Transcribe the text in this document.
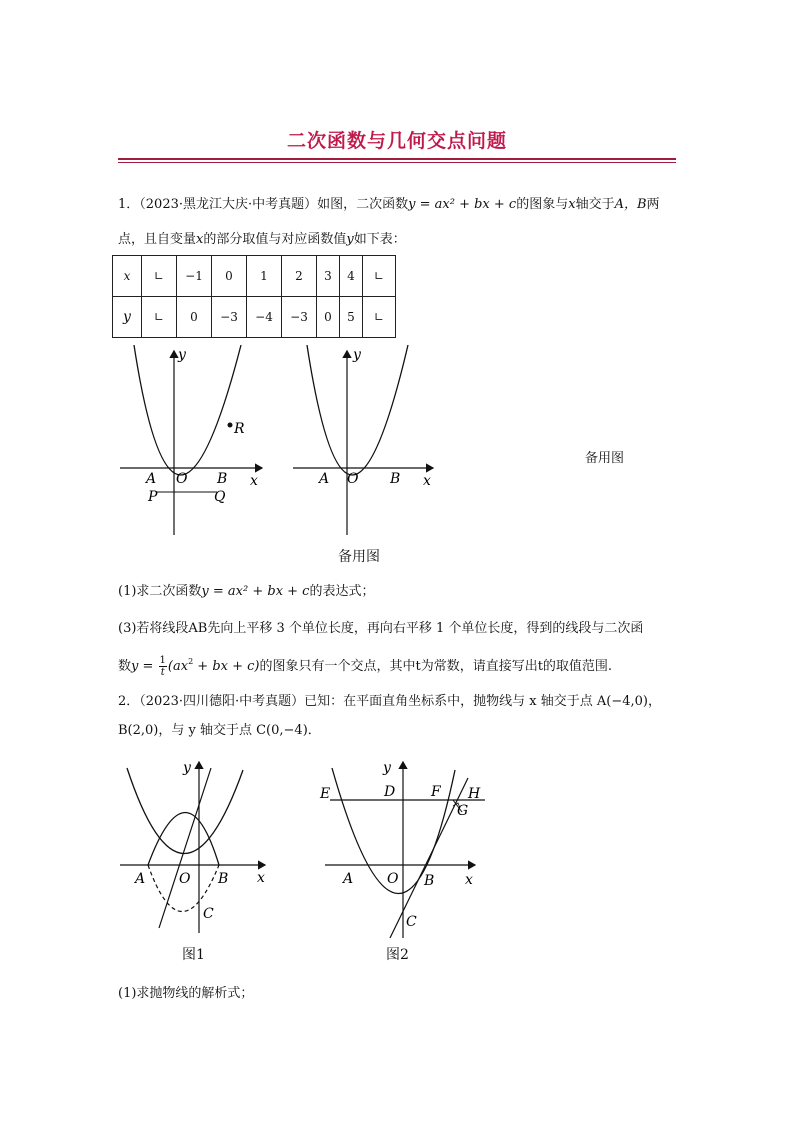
二次函数与几何交点问题
1．（2023·黑龙江大庆·中考真题）如图，二次函数y = ax² + bx + c的图象与x轴交于A，B两
点，且自变量x的部分取值与对应函数值y如下表：
x	∟	−1	0	1	2	3	4	∟
y	∟	0	−3	−4	−3	0	5	∟
y
x
A O B
P	Q
R
y
x
A O B
备用图
备用图
(1)求二次函数y = ax² + bx + c的表达式；
(3)若将线段AB先向上平移 3 个单位长度，再向右平移 1 个单位长度，得到的线段与二次函
数$y = \frac{1}{t} (ax^2$ + bx + c)的图象只有一个交点，其中t为常数，请直接写出t的取值范围.
2．（2023·四川德阳·中考真题）已知：在平面直角坐标系中，抛物线与 x 轴交于点 A(−4,0)，
B(2,0)，与 y 轴交于点 C(0,−4)．
y
x
A O B
C
图1
y
x
A O B
C
D
E	F
G
H
图2
(1)求抛物线的解析式；
